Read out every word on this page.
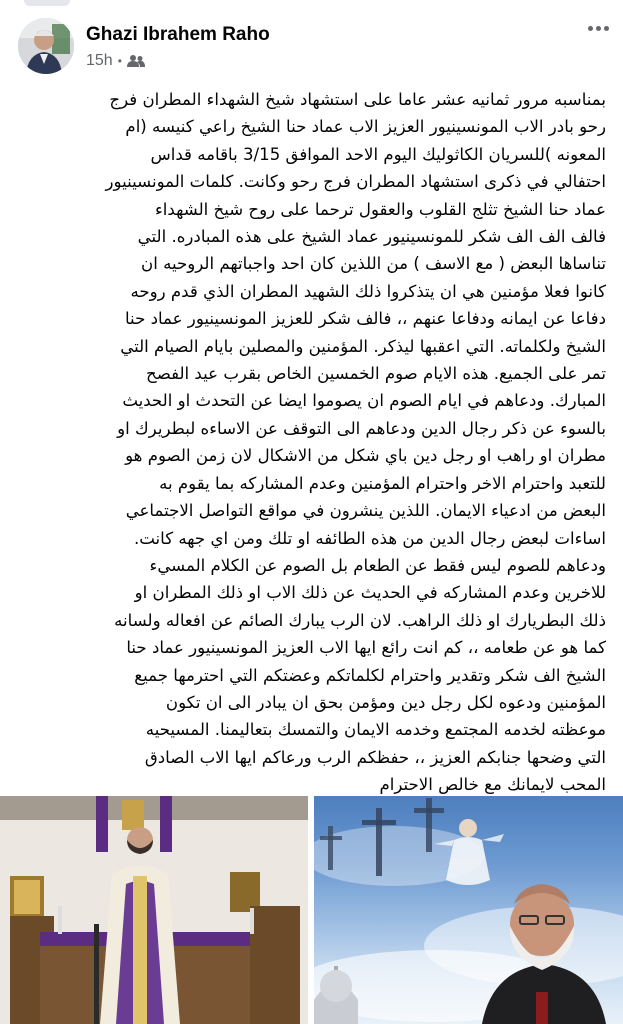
Ghazi Ibrahem Raho
15h •
بمناسبه مرور ثمانيه عشر عاما على استشهاد شيخ الشهداء المطران فرج
رحو بادر الاب المونسينيور العزيز الاب عماد حنا الشيخ راعي كنيسه (ام
المعونه )للسريان الكاثوليك اليوم الاحد الموافق 3/15 باقامه قداس
احتفالي في ذكرى استشهاد المطران فرج رحو وكانت. كلمات المونسينيور
عماد حنا الشيخ تثلج القلوب والعقول ترحما على روح شيخ الشهداء
فالف الف الف شكر للمونسينيور عماد الشيخ على هذه المبادره. التي
تناساها البعض ( مع الاسف ) من اللذين كان احد واجباتهم الروحيه ان
كانوا فعلا مؤمنين هي ان يتذكروا ذلك الشهيد المطران الذي قدم روحه
دفاعا عن ايمانه ودفاعا عنهم ،، فالف شكر للعزيز المونسينيور عماد حنا
الشيخ ولكلماته. التي اعقبها ليذكر. المؤمنين والمصلين بايام الصيام التي
تمر على الجميع. هذه الايام صوم الخمسين الخاص بقرب عيد الفصح
المبارك. ودعاهم في ايام الصوم ان يصوموا ايضا عن التحدث او الحديث
بالسوء عن ذكر رجال الدين ودعاهم الى التوقف عن الاساءه لبطريرك او
مطران او راهب او رجل دين باي شكل من الاشكال لان زمن الصوم هو
للتعبد واحترام الاخر واحترام المؤمنين وعدم المشاركه بما يقوم به
البعض من ادعياء الايمان. اللذين ينشرون في مواقع التواصل الاجتماعي
اساءات لبعض رجال الدين من هذه الطائفه او تلك ومن اي جهه كانت.
ودعاهم للصوم ليس فقط عن الطعام بل الصوم عن الكلام المسيء
للاخرين وعدم المشاركه في الحديث عن ذلك الاب او ذلك المطران او
ذلك البطريارك او ذلك الراهب. لان الرب يبارك الصائم عن افعاله ولسانه
كما هو عن طعامه ،، كم انت رائع ايها الاب العزيز المونسينيور عماد حنا
الشيخ الف شكر وتقدير واحترام لكلماتكم وعضتكم التي احترمها جميع
المؤمنين ودعوه لكل رجل دين ومؤمن بحق ان يبادر الى ان تكون
موعظته لخدمه المجتمع وخدمه الايمان والتمسك بتعاليمنا. المسيحيه
التي وضحها جنابكم العزيز ،، حفظكم الرب ورعاكم ايها الاب الصادق
المحب لايمانك مع خالص الاحترام
